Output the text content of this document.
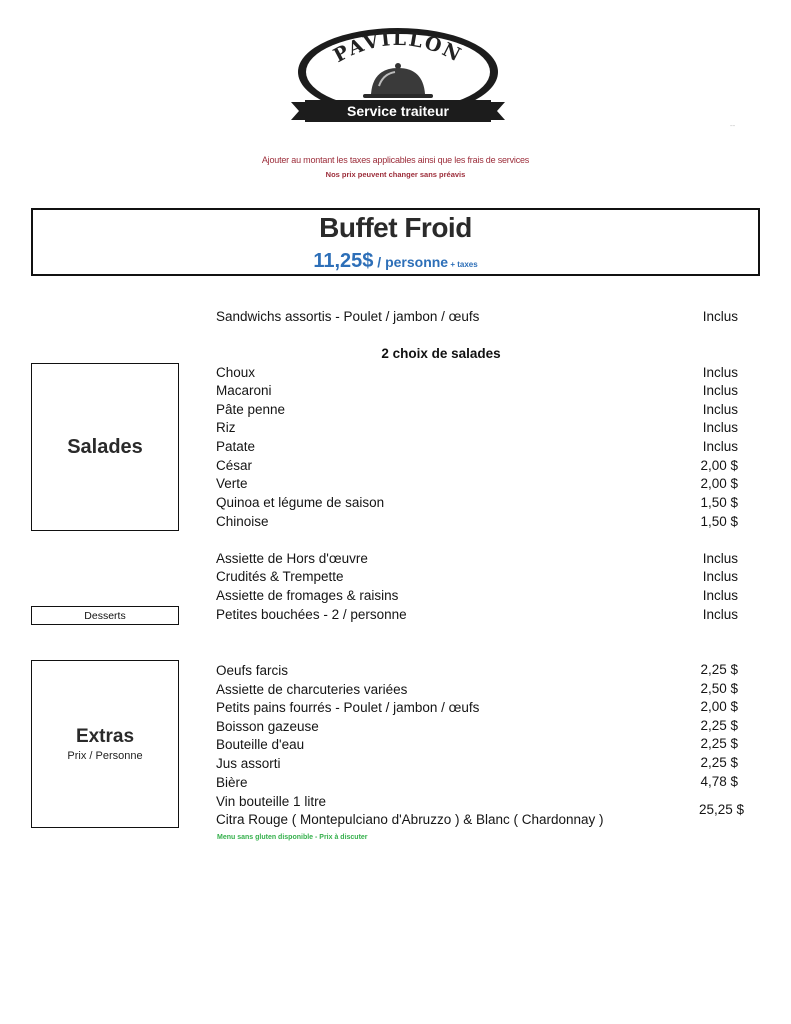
PAVILLON
Service traiteur
Ajouter au montant les taxes applicables ainsi que les frais de services
Nos prix peuvent changer sans préavis
ˉˉ
Buffet Froid
11,25$ / personne + taxes
Sandwichs assortis - Poulet / jambon / œufs	Inclus
2 choix de salades
Salades
Choux	Inclus
Macaroni	Inclus
Pâte penne	Inclus
Riz	Inclus
Patate	Inclus
César	2,00 $
Verte	2,00 $
Quinoa et légume de saison	1,50 $
Chinoise	1,50 $
Assiette de Hors d'œuvre	Inclus
Crudités & Trempette	Inclus
Assiette de fromages & raisins	Inclus
Petites bouchées - 2 / personne	Inclus
Desserts
Extras
Prix / Personne
Oeufs farcis	2,25 $
Assiette de charcuteries variées	2,50 $
Petits pains fourrés - Poulet / jambon / œufs	2,00 $
Boisson gazeuse	2,25 $
Bouteille d'eau	2,25 $
Jus assorti	2,25 $
Bière	4,78 $
Vin bouteille 1 litre
Citra Rouge ( Montepulciano d'Abruzzo ) & Blanc ( Chardonnay )
25,25 $
Menu sans gluten disponible - Prix à discuter
